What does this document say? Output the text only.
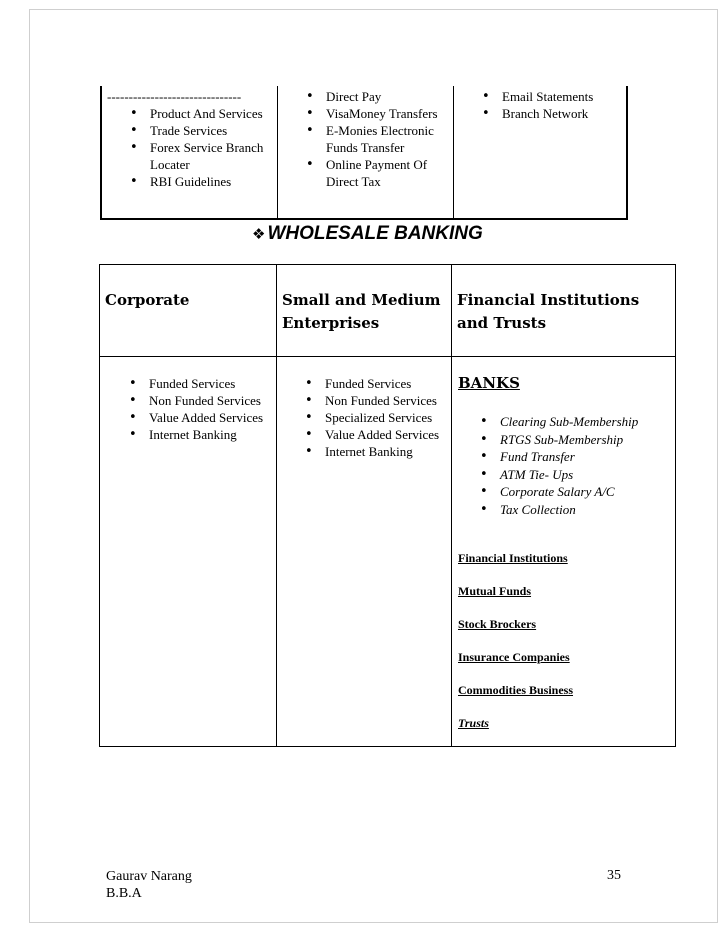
-------------------------------
• Product And Services
• Trade Services
• Forex Service Branch Locater
• RBI Guidelines
• Direct Pay
• VisaMoney Transfers
• E-Monies Electronic Funds Transfer
• Online Payment Of Direct Tax
• Email Statements
• Branch Network
❖ WHOLESALE BANKING
Corporate	Small and Medium Enterprises
Financial Institutions and Trusts
• Funded Services
• Non Funded Services
• Value Added Services
• Internet Banking
• Funded Services
• Non Funded Services
• Specialized Services
• Value Added Services
• Internet Banking
BANKS
• Clearing Sub-Membership
• RTGS Sub-Membership
• Fund Transfer
• ATM Tie- Ups
• Corporate Salary A/C
• Tax Collection
Financial Institutions
Mutual Funds
Stock Brockers
Insurance Companies
Commodities Business
Trusts
Gaurav Narang
B.B.A
35
